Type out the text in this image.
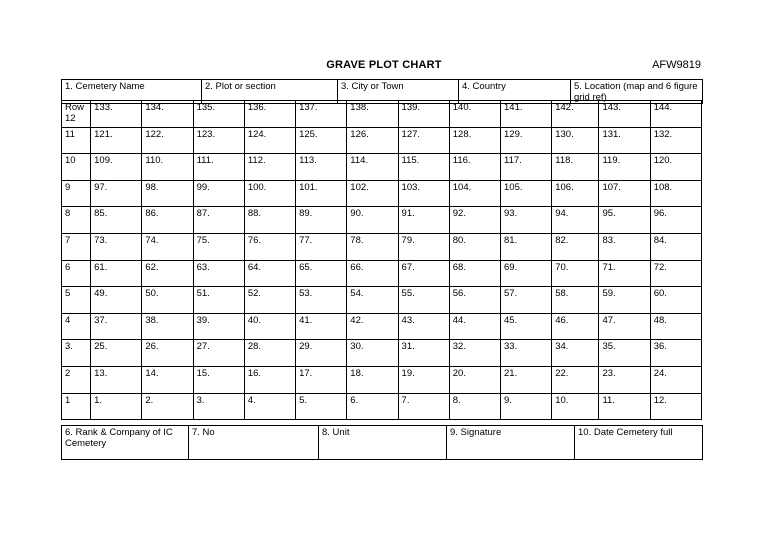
GRAVE PLOT CHART	AFW9819
1. Cemetery Name	2. Plot or section	3. City or Town	4. Country	5. Location (map and 6 figure grid ref)
Row 12	133.	134.	135.	136.	137.	138.	139.	140.	141.	142.	143.	144.
11	121.	122.	123.	124.	125.	126.	127.	128.	129.	130.	131.	132.
10	109.	110.	111.	112.	113.	114.	115.	116.	117.	118.	119.	120.
9	97.	98.	99.	100.	101.	102.	103.	104.	105.	106.	107.	108.
8	85.	86.	87.	88.	89.	90.	91.	92.	93.	94.	95.	96.
7	73.	74.	75.	76.	77.	78.	79.	80.	81.	82.	83.	84.
6	61.	62.	63.	64.	65.	66.	67.	68.	69.	70.	71.	72.
5	49.	50.	51.	52.	53.	54.	55.	56.	57.	58.	59.	60.
4	37.	38.	39.	40.	41.	42.	43.	44.	45.	46.	47.	48.
3.	25.	26.	27.	28.	29.	30.	31.	32.	33.	34.	35.	36.
2	13.	14.	15.	16.	17.	18.	19.	20.	21.	22.	23.	24.
1	1.	2.	3.	4.	5.	6.	7.	8.	9.	10.	11.	12.
6. Rank & Company of IC Cemetery	7. No	8. Unit	9. Signature	10. Date Cemetery full
